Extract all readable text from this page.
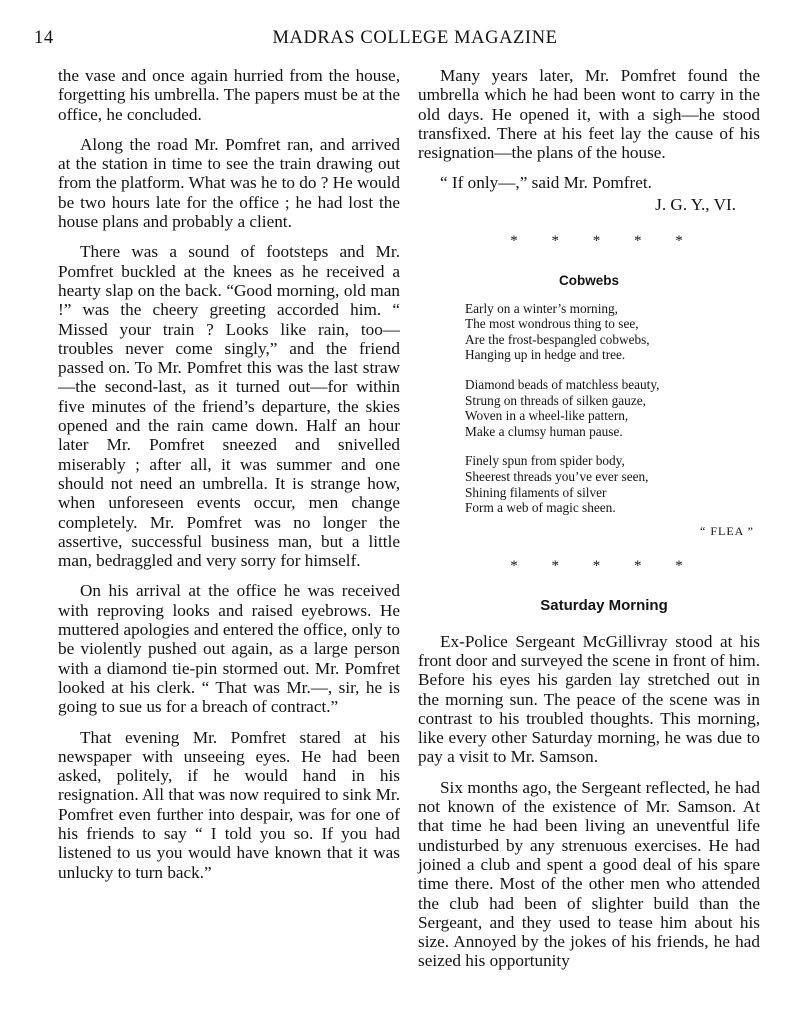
14	MADRAS COLLEGE MAGAZINE

the vase and once again hurried from the house, forgetting his umbrella. The papers must be at the office, he concluded.

Along the road Mr. Pomfret ran, and arrived at the station in time to see the train drawing out from the platform. What was he to do ? He would be two hours late for the office ; he had lost the house plans and probably a client.

There was a sound of footsteps and Mr. Pomfret buckled at the knees as he received a hearty slap on the back. “Good morning, old man !” was the cheery greeting accorded him. “ Missed your train ? Looks like rain, too—troubles never come singly,” and the friend passed on. To Mr. Pomfret this was the last straw—the second-last, as it turned out—for within five minutes of the friend’s departure, the skies opened and the rain came down. Half an hour later Mr. Pomfret sneezed and snivelled miserably ; after all, it was summer and one should not need an umbrella. It is strange how, when unforeseen events occur, men change completely. Mr. Pomfret was no longer the assertive, successful business man, but a little man, bedraggled and very sorry for himself.

On his arrival at the office he was received with reproving looks and raised eyebrows. He muttered apologies and entered the office, only to be violently pushed out again, as a large person with a diamond tie-pin stormed out. Mr. Pomfret looked at his clerk. “ That was Mr.—, sir, he is going to sue us for a breach of contract.”

That evening Mr. Pomfret stared at his newspaper with unseeing eyes. He had been asked, politely, if he would hand in his resignation. All that was now required to sink Mr. Pomfret even further into despair, was for one of his friends to say “ I told you so. If you had listened to us you would have known that it was unlucky to turn back.”

Many years later, Mr. Pomfret found the umbrella which he had been wont to carry in the old days. He opened it, with a sigh—he stood transfixed. There at his feet lay the cause of his resignation—the plans of the house.

“ If only—,” said Mr. Pomfret.

J. G. Y., VI.
* * * * *
Cobwebs
Early on a winter’s morning,
The most wondrous thing to see,
Are the frost-bespangled cobwebs,
Hanging up in hedge and tree.
Diamond beads of matchless beauty,
Strung on threads of silken gauze,
Woven in a wheel-like pattern,
Make a clumsy human pause.
Finely spun from spider body,
Sheerest threads you’ve ever seen,
Shining filaments of silver
Form a web of magic sheen.
“ FLEA ”
* * * * *
Saturday Morning

Ex-Police Sergeant McGillivray stood at his front door and surveyed the scene in front of him. Before his eyes his garden lay stretched out in the morning sun. The peace of the scene was in contrast to his troubled thoughts. This morning, like every other Saturday morning, he was due to pay a visit to Mr. Samson.

Six months ago, the Sergeant reflected, he had not known of the existence of Mr. Samson. At that time he had been living an uneventful life undisturbed by any strenuous exercises. He had joined a club and spent a good deal of his spare time there. Most of the other men who attended the club had been of slighter build than the Sergeant, and they used to tease him about his size. Annoyed by the jokes of his friends, he had seized his opportunity
